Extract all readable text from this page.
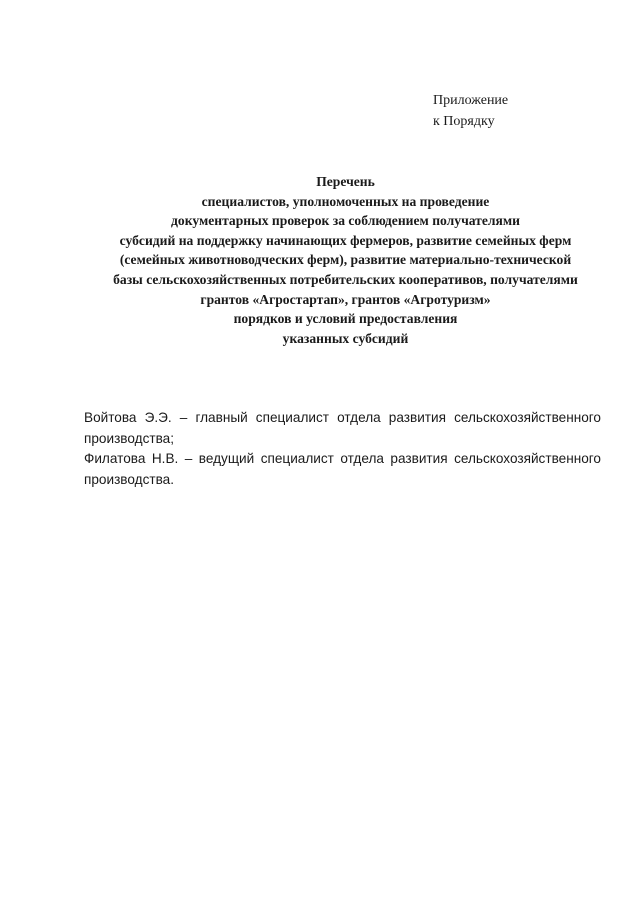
Приложение
к Порядку
Перечень
специалистов, уполномоченных на проведение
документарных проверок за соблюдением получателями
субсидий на поддержку начинающих фермеров, развитие семейных ферм
(семейных животноводческих ферм), развитие материально-технической
базы сельскохозяйственных потребительских кооперативов, получателями
грантов «Агростартап», грантов «Агротуризм»
порядков и условий предоставления
указанных субсидий

Войтова Э.Э. – главный специалист отдела развития сельскохозяйственного производства;

Филатова Н.В. – ведущий специалист отдела развития сельскохозяйственного производства.
